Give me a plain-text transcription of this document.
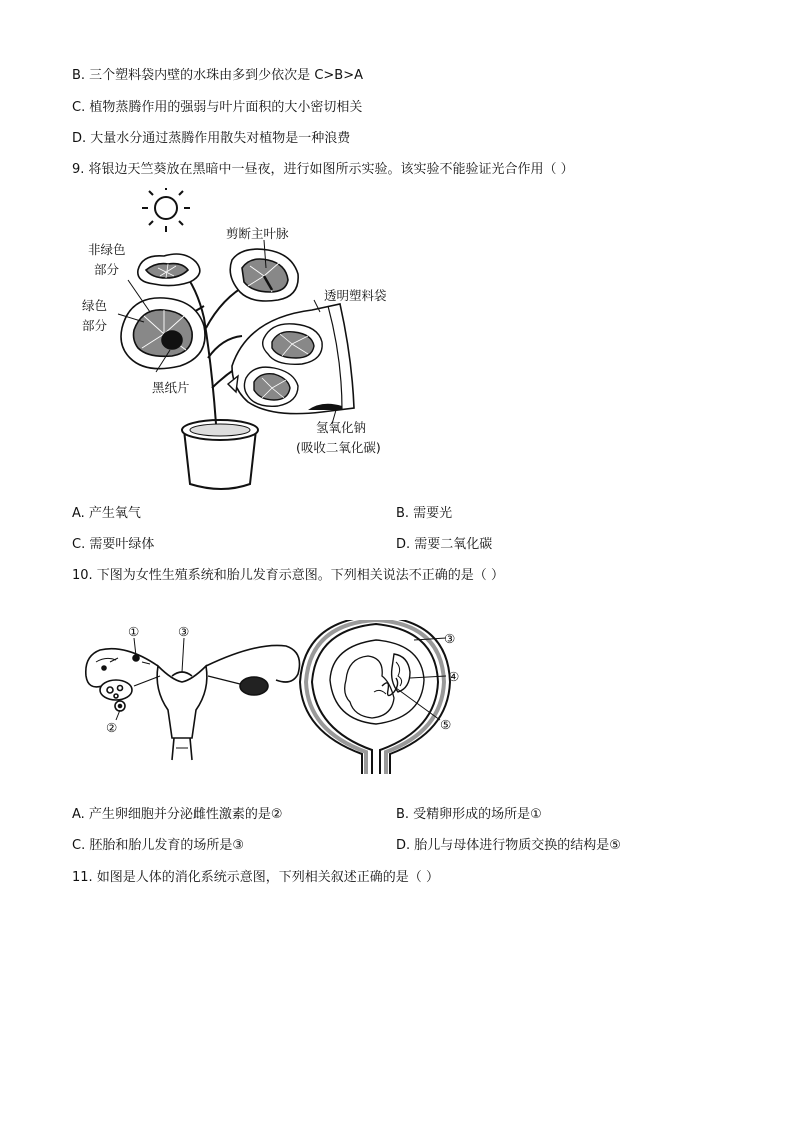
B. 三个塑料袋内壁的水珠由多到少依次是 C>B>A
C. 植物蒸腾作用的强弱与叶片面积的大小密切相关
D. 大量水分通过蒸腾作用散失对植物是一种浪费
9. 将银边天竺葵放在黑暗中一昼夜，进行如图所示实验。该实验不能验证光合作用（ ）
非绿色
部分
绿色
部分
剪断主叶脉
透明塑料袋
黑纸片
氢氧化钠
(吸收二氧化碳)
A. 产生氧气	B. 需要光
C. 需要叶绿体	D. 需要二氧化碳
10. 下图为女性生殖系统和胎儿发育示意图。下列相关说法不正确的是（ ）
①	③
②
③
④
⑤
A. 产生卵细胞并分泌雌性激素的是②	B. 受精卵形成的场所是①
C. 胚胎和胎儿发育的场所是③	D. 胎儿与母体进行物质交换的结构是⑤
11. 如图是人体的消化系统示意图，下列相关叙述正确的是（ ）
